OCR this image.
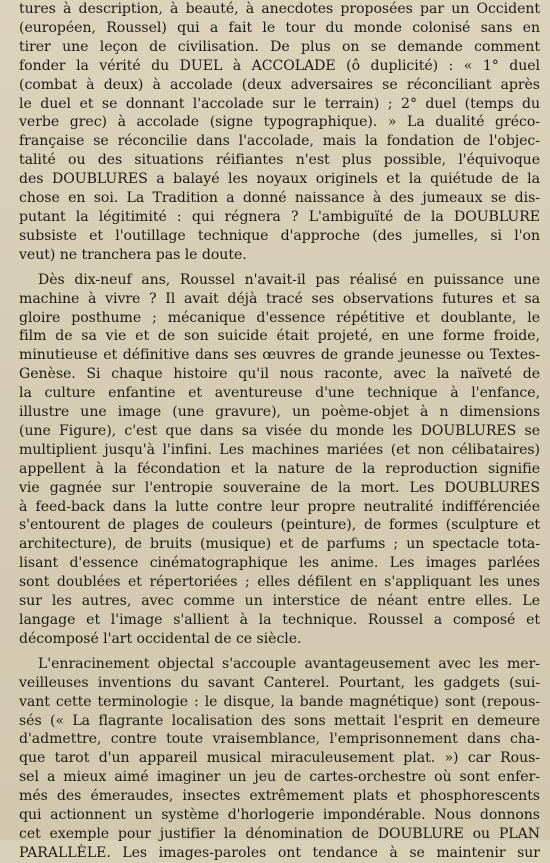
tures à description, à beauté, à anecdotes proposées par un Occident
(européen, Roussel) qui a fait le tour du monde colonisé sans en
tirer une leçon de civilisation. De plus on se demande comment
fonder la vérité du DUEL à ACCOLADE (ô duplicité) : « 1° duel
(combat à deux) à accolade (deux adversaires se réconciliant après
le duel et se donnant l'accolade sur le terrain) ; 2° duel (temps du
verbe grec) à accolade (signe typographique). » La dualité gréco-
française se réconcilie dans l'accolade, mais la fondation de l'objec-
talité ou des situations réifiantes n'est plus possible, l'équivoque
des DOUBLURES a balayé les noyaux originels et la quiétude de la
chose en soi. La Tradition a donné naissance à des jumeaux se dis-
putant la légitimité : qui régnera ? L'ambiguïté de la DOUBLURE
subsiste et l'outillage technique d'approche (des jumelles, si l'on
veut) ne tranchera pas le doute.

Dès dix-neuf ans, Roussel n'avait-il pas réalisé en puissance une
machine à vivre ? Il avait déjà tracé ses observations futures et sa
gloire posthume ; mécanique d'essence répétitive et doublante, le
film de sa vie et de son suicide était projeté, en une forme froide,
minutieuse et définitive dans ses œuvres de grande jeunesse ou Textes-
Genèse. Si chaque histoire qu'il nous raconte, avec la naïveté de
la culture enfantine et aventureuse d'une technique à l'enfance,
illustre une image (une gravure), un poème-objet à n dimensions
(une Figure), c'est que dans sa visée du monde les DOUBLURES se
multiplient jusqu'à l'infini. Les machines mariées (et non célibataires)
appellent à la fécondation et la nature de la reproduction signifie
vie gagnée sur l'entropie souveraine de la mort. Les DOUBLURES
à feed-back dans la lutte contre leur propre neutralité indifférenciée
s'entourent de plages de couleurs (peinture), de formes (sculpture et
architecture), de bruits (musique) et de parfums ; un spectacle tota-
lisant d'essence cinématographique les anime. Les images parlées
sont doublées et répertoriées ; elles défilent en s'appliquant les unes
sur les autres, avec comme un interstice de néant entre elles. Le
langage et l'image s'allient à la technique. Roussel a composé et
décomposé l'art occidental de ce siècle.

L'enracinement objectal s'accouple avantageusement avec les mer-
veilleuses inventions du savant Canterel. Pourtant, les gadgets (sui-
vant cette terminologie : le disque, la bande magnétique) sont (repous-
sés (« La flagrante localisation des sons mettait l'esprit en demeure
d'admettre, contre toute vraisemblance, l'emprisonnement dans cha-
que tarot d'un appareil musical miraculeusement plat. ») car Rous-
sel a mieux aimé imaginer un jeu de cartes-orchestre où sont enfer-
més des émeraudes, insectes extrêmement plats et phosphorescents
qui actionnent un système d'horlogerie impondérable. Nous donnons
cet exemple pour justifier la dénomination de DOUBLURE ou PLAN
PARALLÈLE. Les images-paroles ont tendance à se maintenir sur
